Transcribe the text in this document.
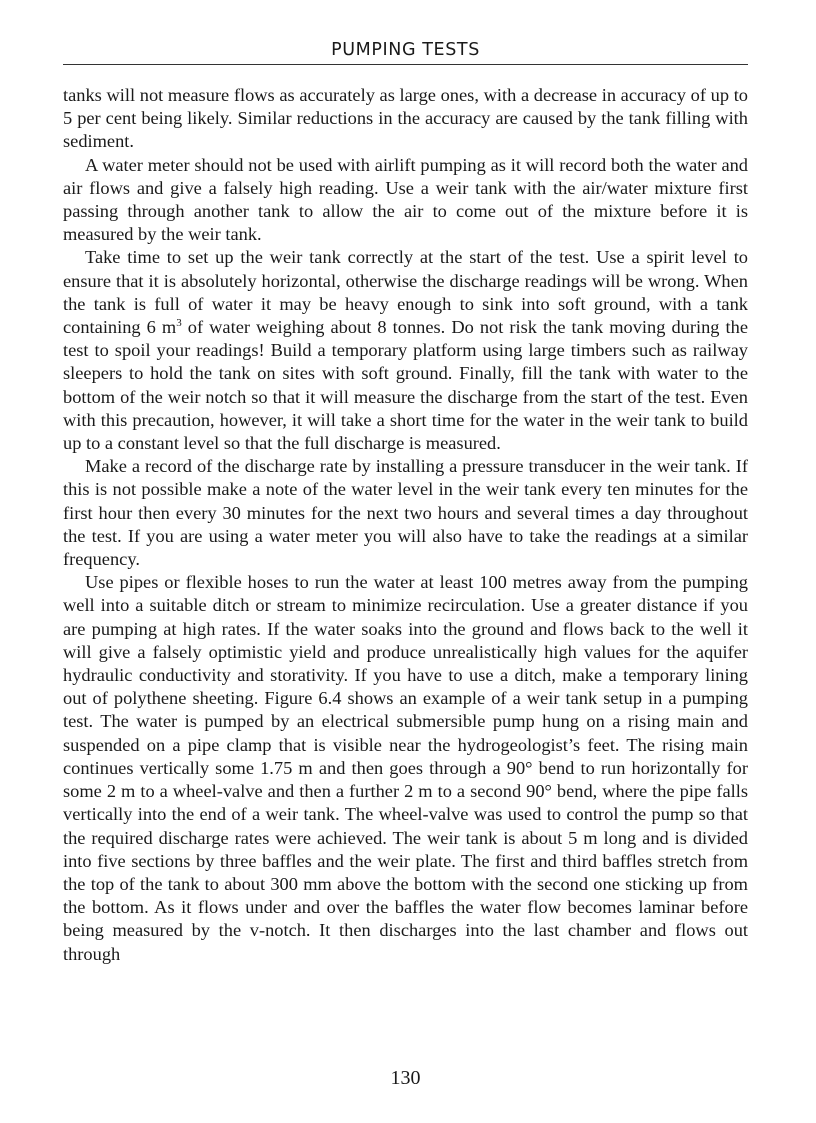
PUMPING TESTS

tanks will not measure flows as accurately as large ones, with a decrease in accuracy of up to 5 per cent being likely. Similar reductions in the accuracy are caused by the tank filling with sediment.

A water meter should not be used with airlift pumping as it will record both the water and air flows and give a falsely high reading. Use a weir tank with the air/water mixture first passing through another tank to allow the air to come out of the mixture before it is measured by the weir tank.

Take time to set up the weir tank correctly at the start of the test. Use a spirit level to ensure that it is absolutely horizontal, otherwise the discharge readings will be wrong. When the tank is full of water it may be heavy enough to sink into soft ground, with a tank containing 6 $m^3$ of water weighing about 8 tonnes. Do not risk the tank moving during the test to spoil your readings! Build a temporary platform using large timbers such as railway sleepers to hold the tank on sites with soft ground. Finally, fill the tank with water to the bottom of the weir notch so that it will measure the discharge from the start of the test. Even with this precaution, however, it will take a short time for the water in the weir tank to build up to a constant level so that the full discharge is measured.

Make a record of the discharge rate by installing a pressure transducer in the weir tank. If this is not possible make a note of the water level in the weir tank every ten minutes for the first hour then every 30 minutes for the next two hours and several times a day throughout the test. If you are using a water meter you will also have to take the readings at a similar frequency.

Use pipes or flexible hoses to run the water at least 100 metres away from the pumping well into a suitable ditch or stream to minimize recirculation. Use a greater distance if you are pumping at high rates. If the water soaks into the ground and flows back to the well it will give a falsely optimistic yield and produce unrealistically high values for the aquifer hydraulic conductivity and storativity. If you have to use a ditch, make a temporary lining out of polythene sheeting. Figure 6.4 shows an example of a weir tank setup in a pumping test. The water is pumped by an electrical submersible pump hung on a rising main and suspended on a pipe clamp that is visible near the hydrogeologist’s feet. The rising main continues vertically some 1.75 m and then goes through a 90° bend to run horizontally for some 2 m to a wheel-valve and then a further 2 m to a second 90° bend, where the pipe falls vertically into the end of a weir tank. The wheel-valve was used to control the pump so that the required discharge rates were achieved. The weir tank is about 5 m long and is divided into five sections by three baffles and the weir plate. The first and third baffles stretch from the top of the tank to about 300 mm above the bottom with the second one sticking up from the bottom. As it flows under and over the baffles the water flow becomes laminar before being measured by the v-notch. It then discharges into the last chamber and flows out through

130
